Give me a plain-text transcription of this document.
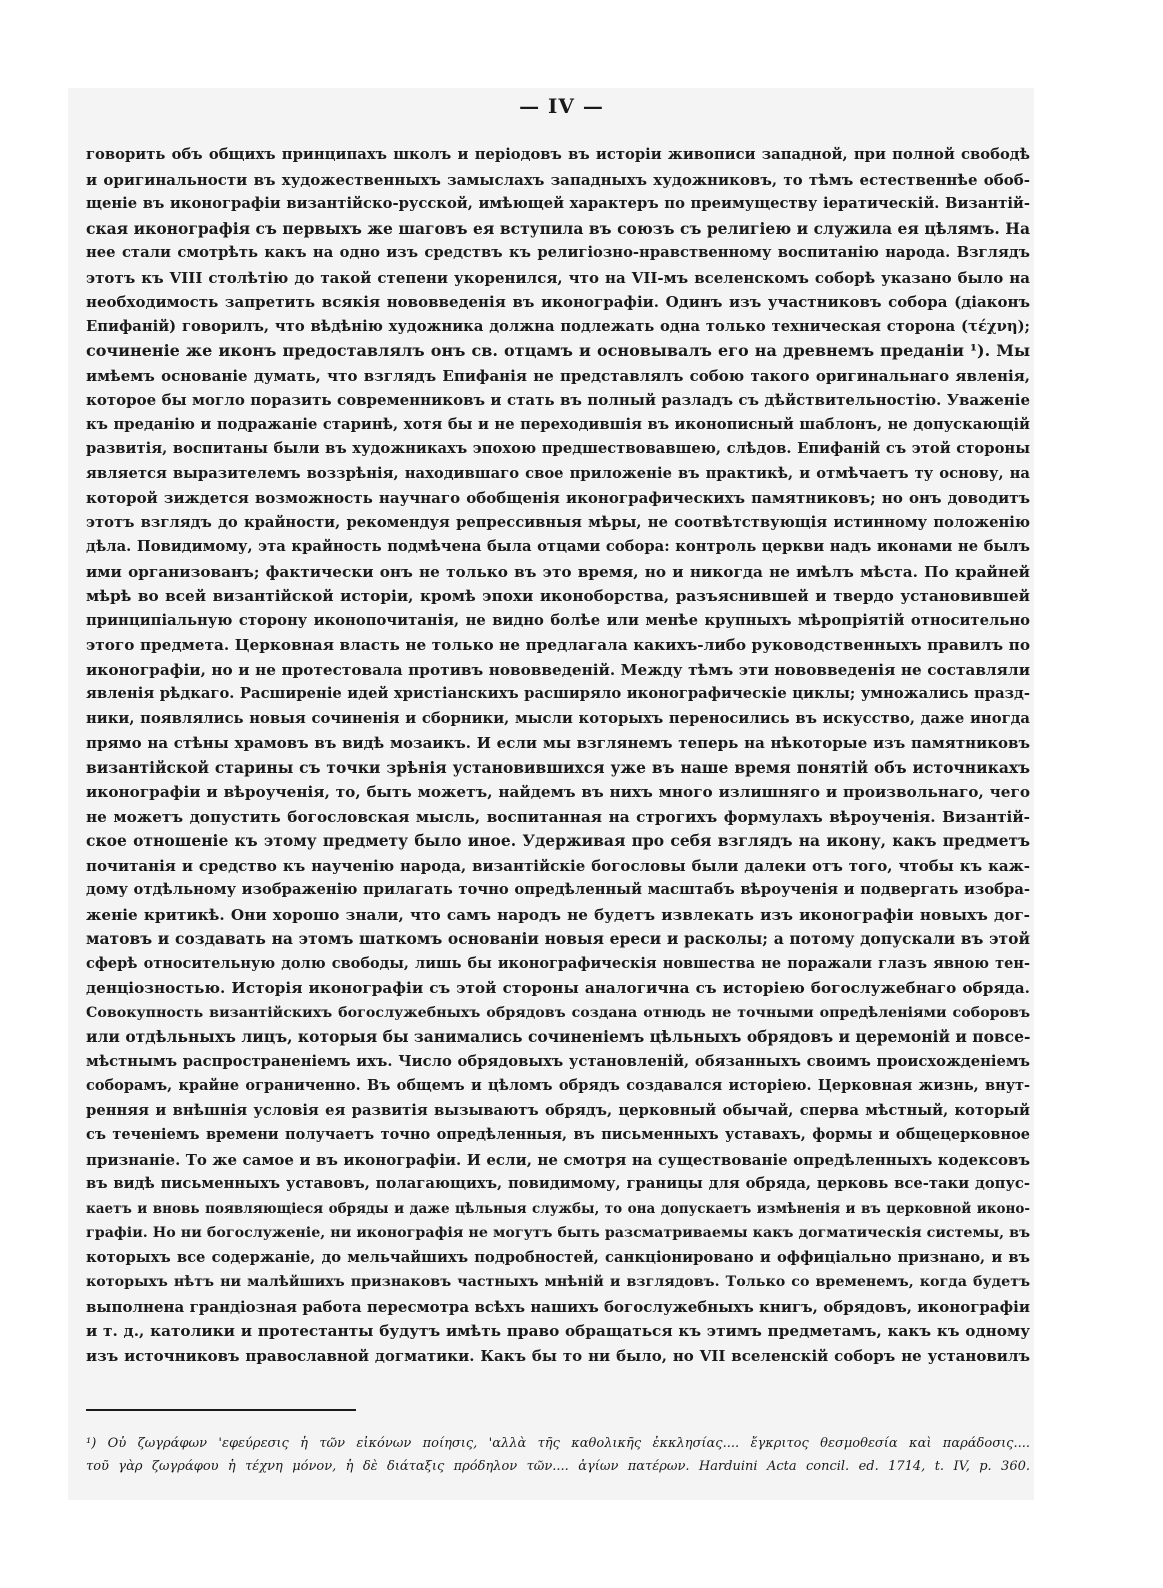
— IV —
говорить объ общихъ принципахъ школъ и періодовъ въ исторіи живописи западной, при полной свободѣ
и оригинальности въ художественныхъ замыслахъ западныхъ художниковъ, то тѣмъ естественнѣе обоб-
щеніе въ иконографіи византійско-русской, имѣющей характеръ по преимуществу іератическій. Византій-
ская иконографія съ первыхъ же шаговъ ея вступила въ союзъ съ религіею и служила ея цѣлямъ. На
нее стали смотрѣть какъ на одно изъ средствъ къ религіозно-нравственному воспитанію народа. Взглядъ
этотъ къ VIII столѣтію до такой степени укоренился, что на VII-мъ вселенскомъ соборѣ указано было на
необходимость запретить всякія нововведенія въ иконографіи. Одинъ изъ участниковъ собора (діаконъ
Епифаній) говорилъ, что вѣдѣнію художника должна подлежать одна только техническая сторона (τέχνη);
сочиненіе же иконъ предоставлялъ онъ св. отцамъ и основывалъ его на древнемъ преданіи ¹). Мы
имѣемъ основаніе думать, что взглядъ Епифанія не представлялъ собою такого оригинальнаго явленія,
которое бы могло поразить современниковъ и стать въ полный разладъ съ дѣйствительностію. Уваженіе
къ преданію и подражаніе старинѣ, хотя бы и не переходившія въ иконописный шаблонъ, не допускающій
развитія, воспитаны были въ художникахъ эпохою предшествовавшею, слѣдов. Епифаній съ этой стороны
является выразителемъ воззрѣнія, находившаго свое приложеніе въ практикѣ, и отмѣчаетъ ту основу, на
которой зиждется возможность научнаго обобщенія иконографическихъ памятниковъ; но онъ доводитъ
этотъ взглядъ до крайности, рекомендуя репрессивныя мѣры, не соотвѣтствующія истинному положенію
дѣла. Повидимому, эта крайность подмѣчена была отцами собора: контроль церкви надъ иконами не былъ
ими организованъ; фактически онъ не только въ это время, но и никогда не имѣлъ мѣста. По крайней
мѣрѣ во всей византійской исторіи, кромѣ эпохи иконоборства, разъяснившей и твердо установившей
принципіальную сторону иконопочитанія, не видно болѣе или менѣе крупныхъ мѣропріятій относительно
этого предмета. Церковная власть не только не предлагала какихъ-либо руководственныхъ правилъ по
иконографіи, но и не протестовала противъ нововведеній. Между тѣмъ эти нововведенія не составляли
явленія рѣдкаго. Расширеніе идей христіанскихъ расширяло иконографическіе циклы; умножались празд-
ники, появлялись новыя сочиненія и сборники, мысли которыхъ переносились въ искусство, даже иногда
прямо на стѣны храмовъ въ видѣ мозаикъ. И если мы взглянемъ теперь на нѣкоторые изъ памятниковъ
византійской старины съ точки зрѣнія установившихся уже въ наше время понятій объ источникахъ
иконографіи и вѣроученія, то, быть можетъ, найдемъ въ нихъ много излишняго и произвольнаго, чего
не можетъ допустить богословская мысль, воспитанная на строгихъ формулахъ вѣроученія. Византій-
ское отношеніе къ этому предмету было иное. Удерживая про себя взглядъ на икону, какъ предметъ
почитанія и средство къ наученію народа, византійскіе богословы были далеки отъ того, чтобы къ каж-
дому отдѣльному изображенію прилагать точно опредѣленный масштабъ вѣроученія и подвергать изобра-
женіе критикѣ. Они хорошо знали, что самъ народъ не будетъ извлекать изъ иконографіи новыхъ дог-
матовъ и создавать на этомъ шаткомъ основаніи новыя ереси и расколы; а потому допускали въ этой
сферѣ относительную долю свободы, лишь бы иконографическія новшества не поражали глазъ явною тен-
денціозностью. Исторія иконографіи съ этой стороны аналогична съ исторіею богослужебнаго обряда.
Совокупность византійскихъ богослужебныхъ обрядовъ создана отнюдь не точными опредѣленіями соборовъ
или отдѣльныхъ лицъ, которыя бы занимались сочиненіемъ цѣльныхъ обрядовъ и церемоній и повсе-
мѣстнымъ распространеніемъ ихъ. Число обрядовыхъ установленій, обязанныхъ своимъ происхожденіемъ
соборамъ, крайне ограниченно. Въ общемъ и цѣломъ обрядъ создавался исторіею. Церковная жизнь, внут-
ренняя и внѣшнія условія ея развитія вызываютъ обрядъ, церковный обычай, сперва мѣстный, который
съ теченіемъ времени получаетъ точно опредѣленныя, въ письменныхъ уставахъ, формы и общецерковное
признаніе. То же самое и въ иконографіи. И если, не смотря на существованіе опредѣленныхъ кодексовъ
въ видѣ письменныхъ уставовъ, полагающихъ, повидимому, границы для обряда, церковь все-таки допус-
каетъ и вновь появляющіеся обряды и даже цѣльныя службы, то она допускаетъ измѣненія и въ церковной иконо-
графіи. Но ни богослуженіе, ни иконографія не могутъ быть разсматриваемы какъ догматическія системы, въ
которыхъ все содержаніе, до мельчайшихъ подробностей, санкціонировано и оффиціально признано, и въ
которыхъ нѣтъ ни малѣйшихъ признаковъ частныхъ мнѣній и взглядовъ. Только со временемъ, когда будетъ
выполнена грандіозная работа пересмотра всѣхъ нашихъ богослужебныхъ книгъ, обрядовъ, иконографіи
и т. д., католики и протестанты будутъ имѣть право обращаться къ этимъ предметамъ, какъ къ одному
изъ источниковъ православной догматики. Какъ бы то ни было, но VII вселенскій соборъ не установилъ
¹) Οὐ ζωγράφων 'εφεύρεσις ἡ τῶν εἰκόνων ποίησις, 'αλλὰ τῆς καθολικῆς ἐκκλησίας.... ἔγκριτος θεσμοθεσία καὶ παράδοσις....
τοῦ γὰρ ζωγράφου ἡ τέχνη μόνον, ἡ δὲ διάταξις πρόδηλον τῶν.... ἁγίων πατέρων. Harduini Acta concil. ed. 1714, t. IV, p. 360.
